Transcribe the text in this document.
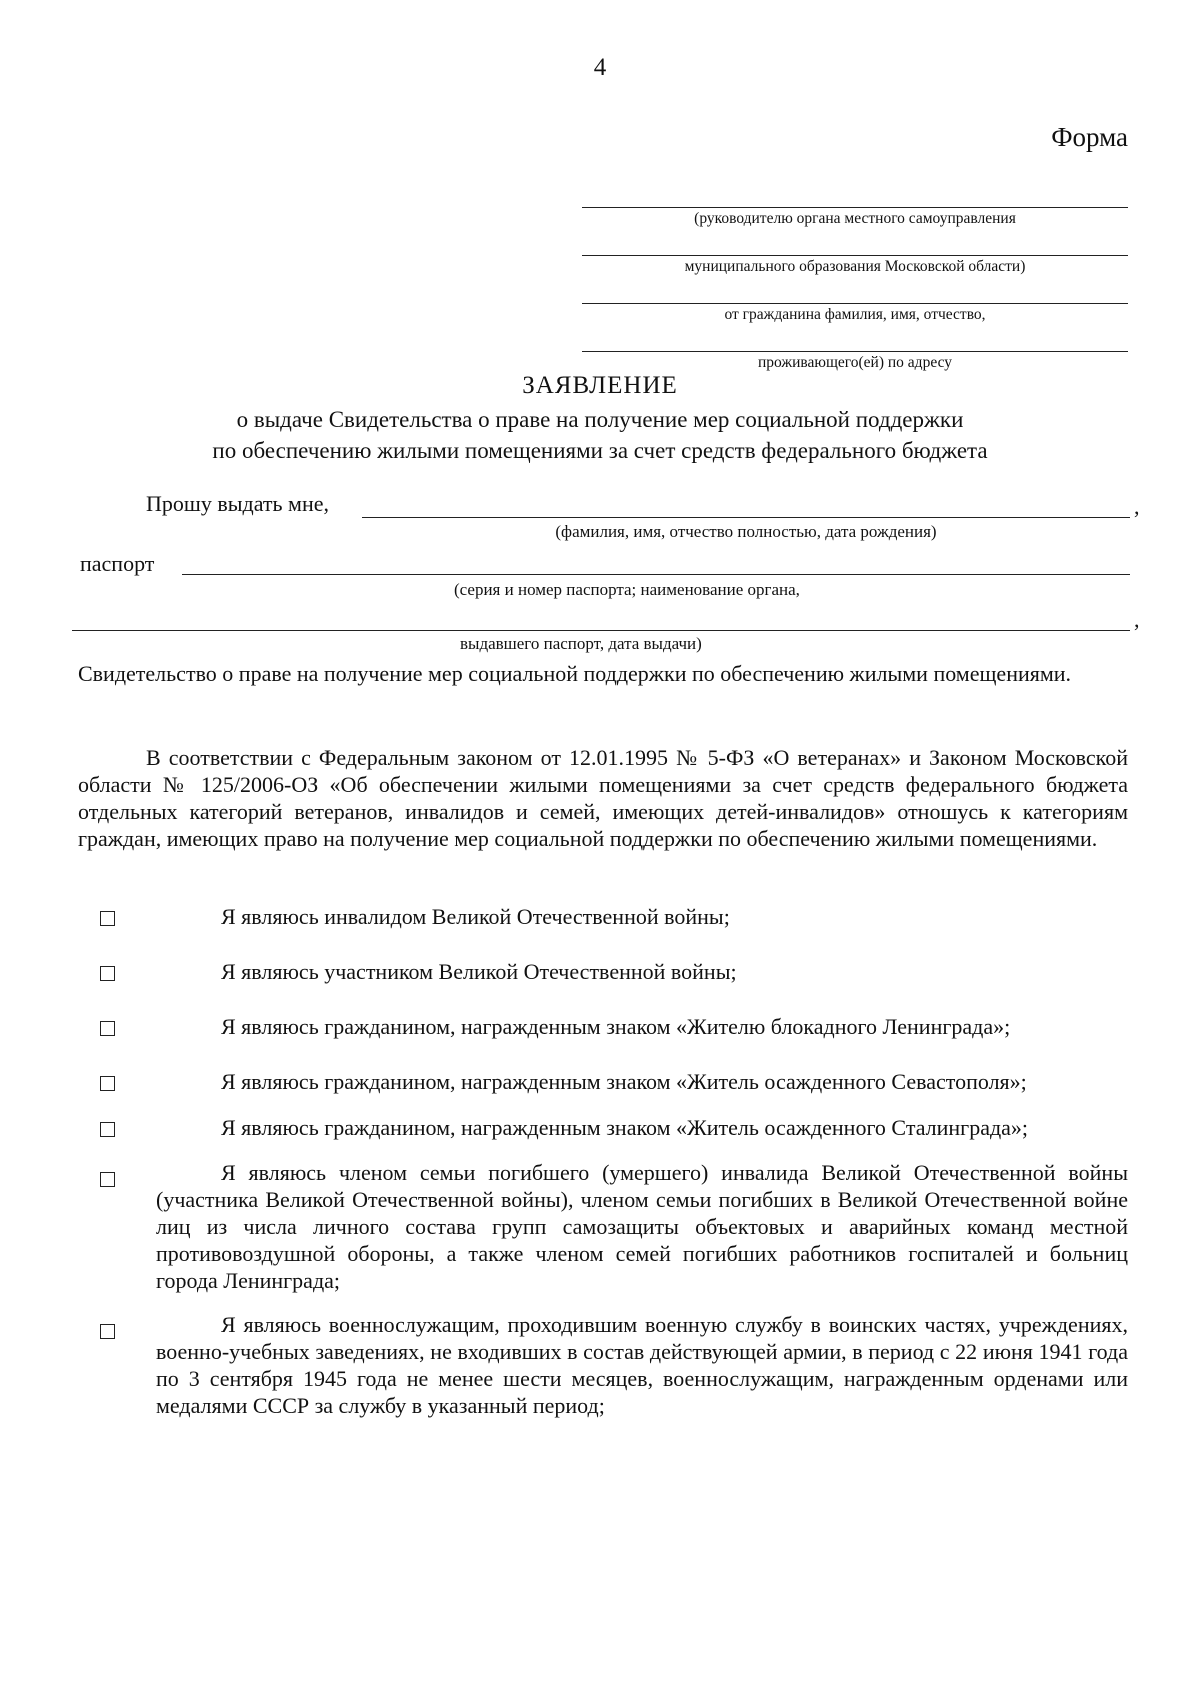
4
Форма
(руководителю органа местного самоуправления
муниципального образования Московской области)
от гражданина фамилия, имя, отчество,
проживающего(ей) по адресу
ЗАЯВЛЕНИЕ
о выдаче Свидетельства о праве на получение мер социальной поддержки
по обеспечению жилыми помещениями за счет средств федерального бюджета
Прошу выдать мне,	,
(фамилия, имя, отчество полностью, дата рождения)
паспорт
(серия и номер паспорта; наименование органа,
,
выдавшего паспорт, дата выдачи)
Свидетельство о праве на получение мер социальной поддержки по обеспечению жилыми помещениями.
В соответствии с Федеральным законом от 12.01.1995 № 5-ФЗ «О ветеранах» и Законом Московской области № 125/2006-ОЗ «Об обеспечении жилыми помещениями за счет средств федерального бюджета отдельных категорий ветеранов, инвалидов и семей, имеющих детей-инвалидов» отношусь к категориям граждан, имеющих право на получение мер социальной поддержки по обеспечению жилыми помещениями.
Я являюсь инвалидом Великой Отечественной войны;
Я являюсь участником Великой Отечественной войны;
Я являюсь гражданином, награжденным знаком «Жителю блокадного Ленинграда»;
Я являюсь гражданином, награжденным знаком «Житель осажденного Севастополя»;
Я являюсь гражданином, награжденным знаком «Житель осажденного Сталинграда»;
Я являюсь членом семьи погибшего (умершего) инвалида Великой Отечественной войны (участника Великой Отечественной войны), членом семьи погибших в Великой Отечественной войне лиц из числа личного состава групп самозащиты объектовых и аварийных команд местной противовоздушной обороны, а также членом семей погибших работников госпиталей и больниц города Ленинграда;
Я являюсь военнослужащим, проходившим военную службу в воинских частях, учреждениях, военно-учебных заведениях, не входивших в состав действующей армии, в период с 22 июня 1941 года по 3 сентября 1945 года не менее шести месяцев, военнослужащим, награжденным орденами или медалями СССР за службу в указанный период;
